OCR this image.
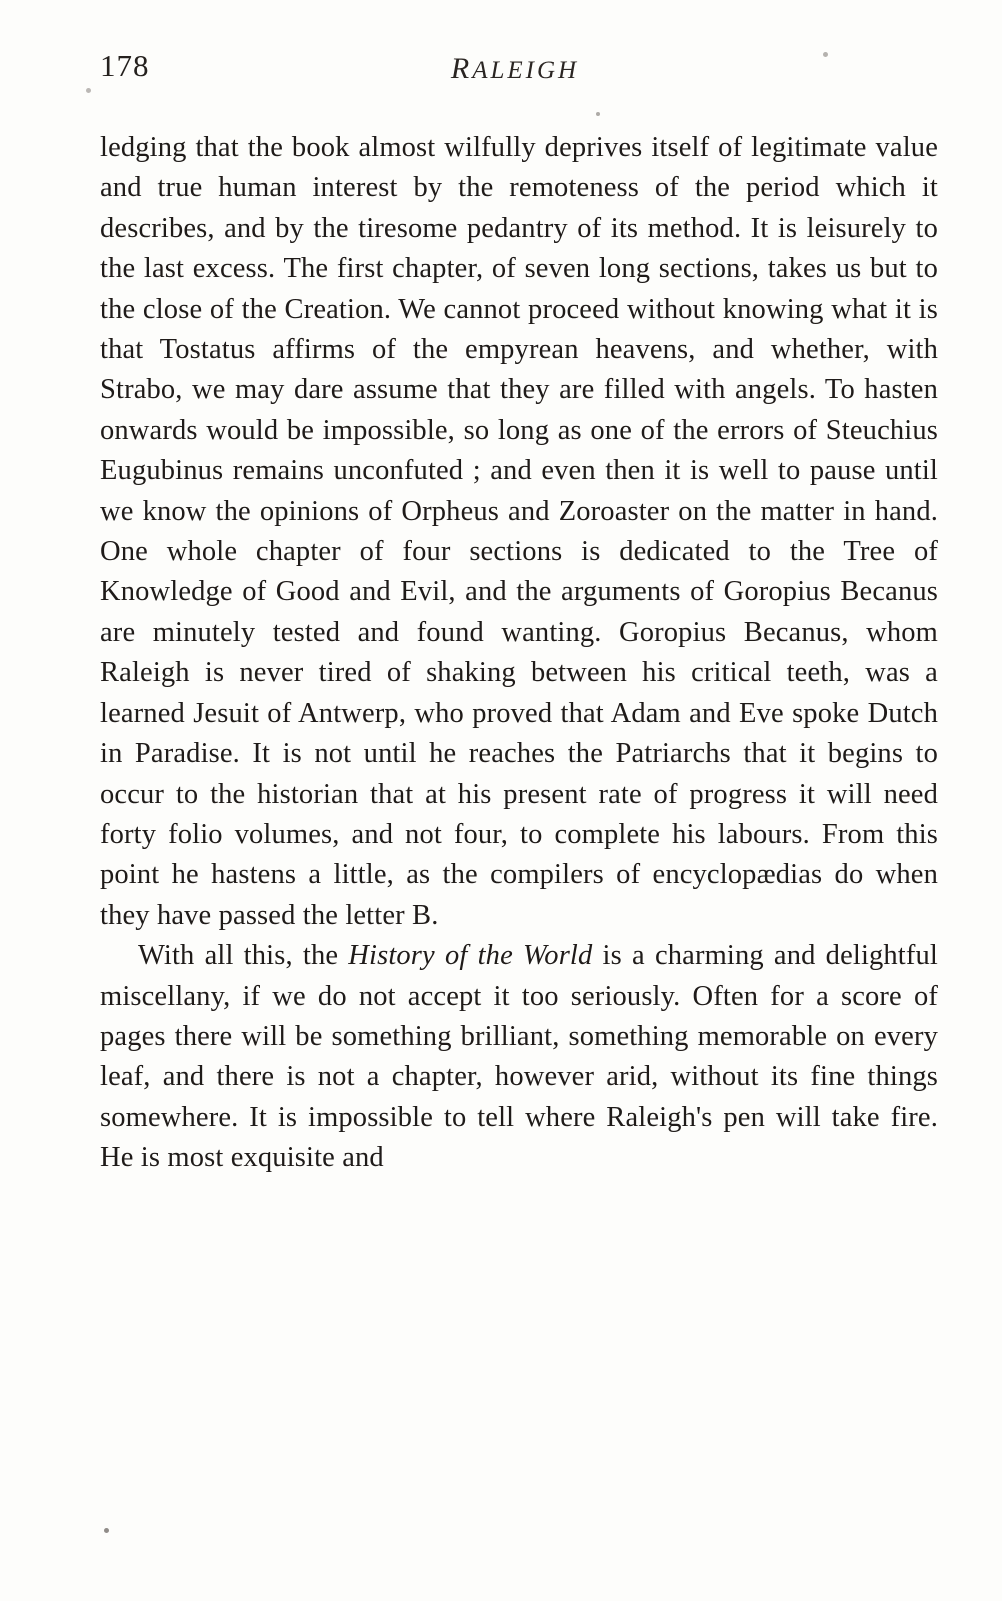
178	RALEIGH

ledging that the book almost wilfully deprives itself of legitimate value and true human interest by the remoteness of the period which it describes, and by the tiresome pedantry of its method. It is leisurely to the last excess. The first chapter, of seven long sections, takes us but to the close of the Creation. We cannot proceed without knowing what it is that Tostatus affirms of the empyrean heavens, and whether, with Strabo, we may dare assume that they are filled with angels. To hasten onwards would be impossible, so long as one of the errors of Steuchius Eugubinus remains unconfuted ; and even then it is well to pause until we know the opinions of Orpheus and Zoroaster on the matter in hand. One whole chapter of four sections is dedicated to the Tree of Knowledge of Good and Evil, and the arguments of Goropius Becanus are minutely tested and found wanting. Goropius Becanus, whom Raleigh is never tired of shaking between his critical teeth, was a learned Jesuit of Antwerp, who proved that Adam and Eve spoke Dutch in Paradise. It is not until he reaches the Patriarchs that it begins to occur to the historian that at his present rate of progress it will need forty folio volumes, and not four, to complete his labours. From this point he hastens a little, as the compilers of encyclopædias do when they have passed the letter B.

With all this, the History of the World is a charming and delightful miscellany, if we do not accept it too seriously. Often for a score of pages there will be something brilliant, something memorable on every leaf, and there is not a chapter, however arid, without its fine things somewhere. It is impossible to tell where Raleigh's pen will take fire. He is most exquisite and
